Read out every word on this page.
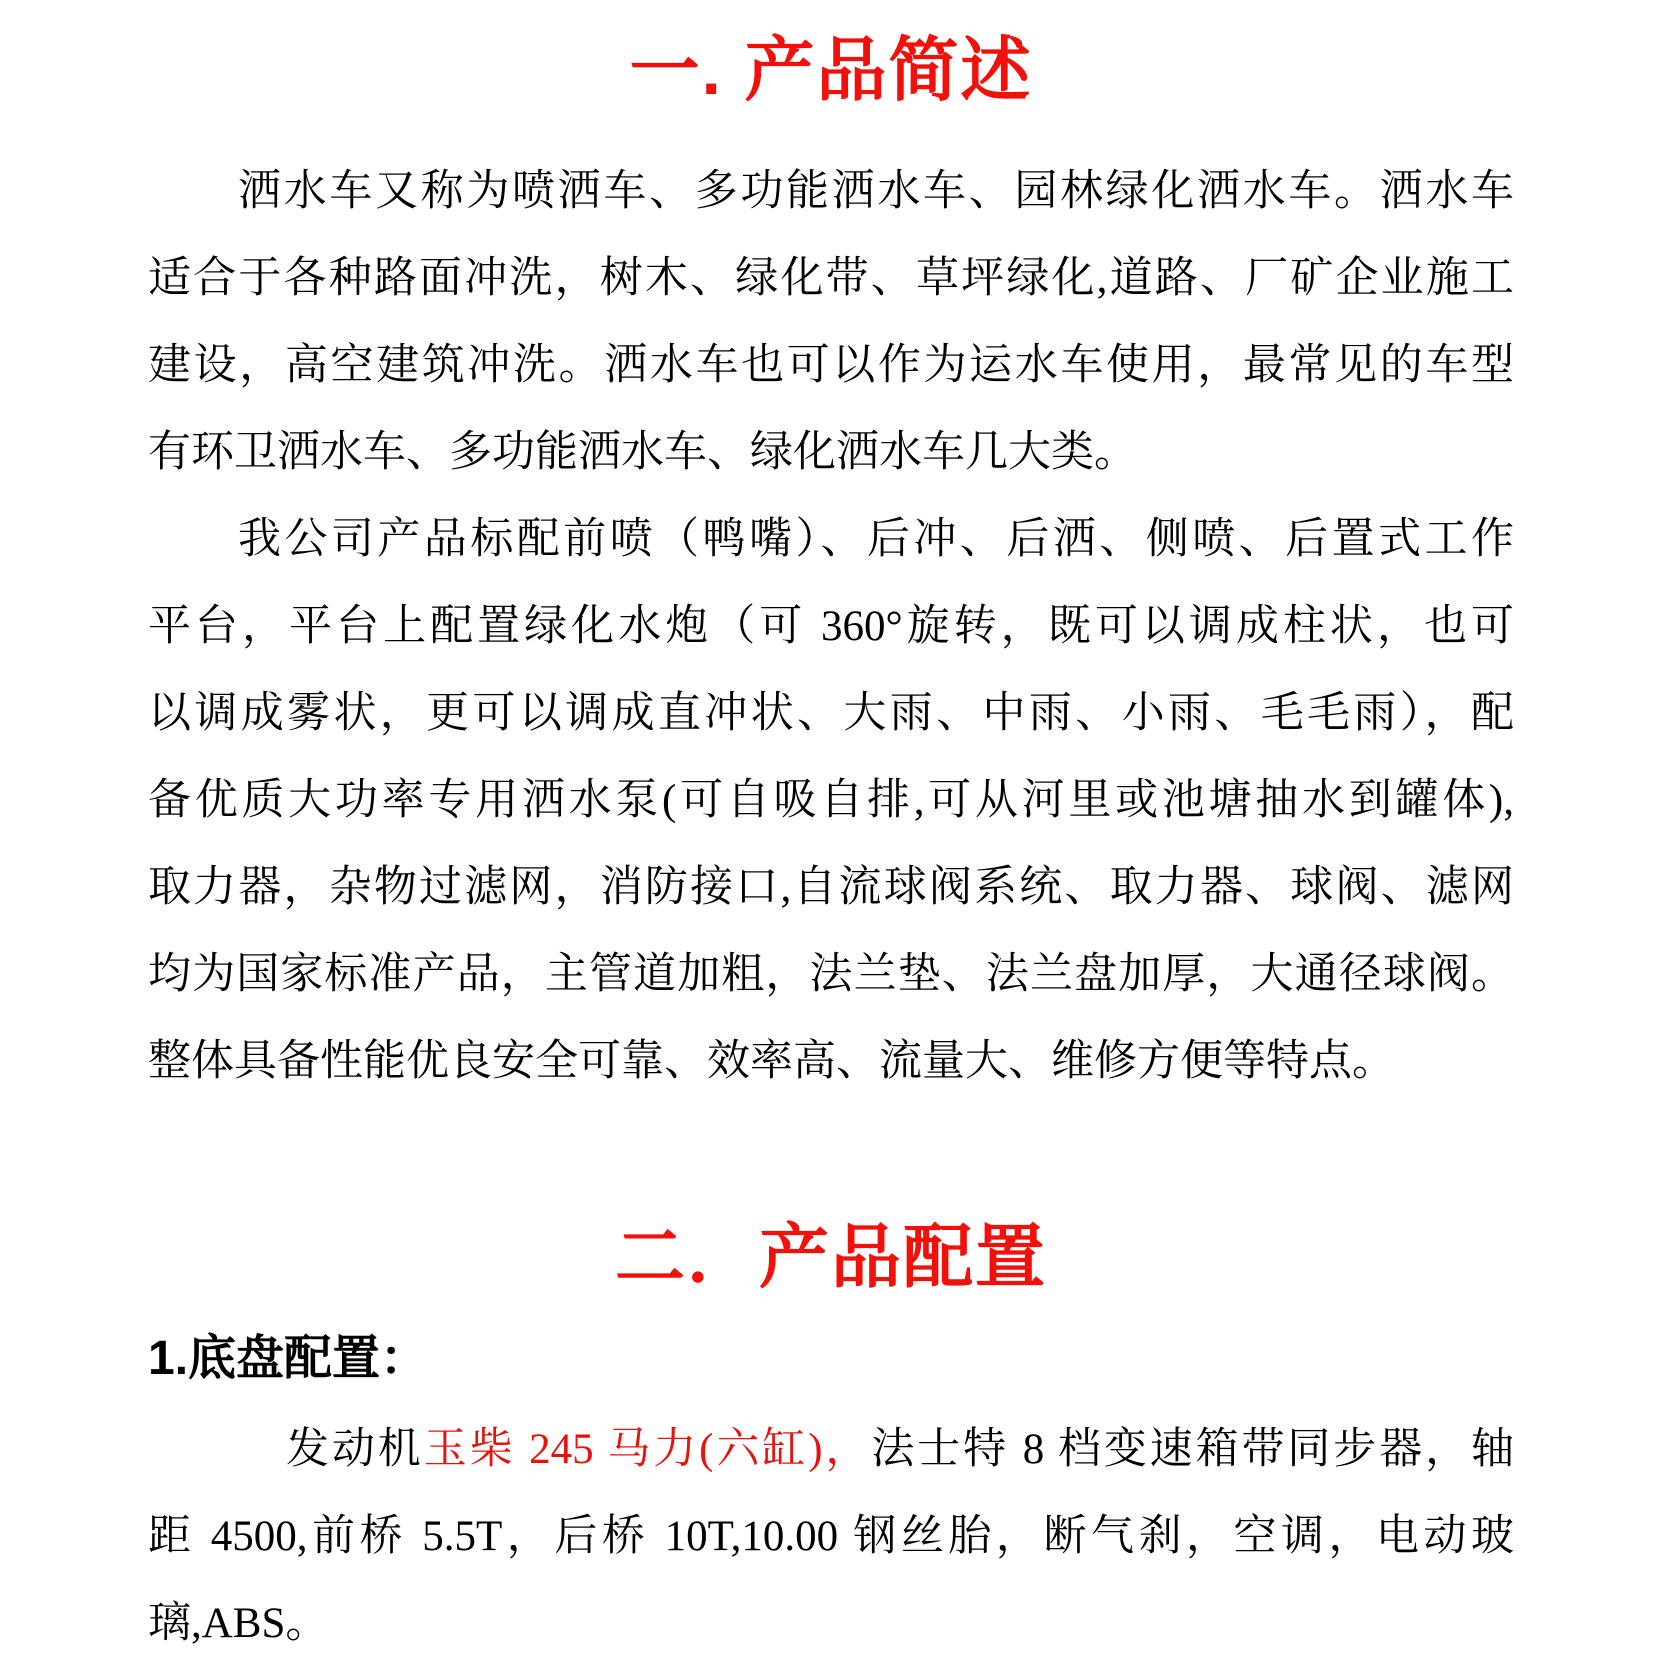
一. 产品简述
洒水车又称为喷洒车、多功能洒水车、园林绿化洒水车。洒水车
适合于各种路面冲洗，树木、绿化带、草坪绿化,道路、厂矿企业施工
建设，高空建筑冲洗。洒水车也可以作为运水车使用，最常见的车型
有环卫洒水车、多功能洒水车、绿化洒水车几大类。
我公司产品标配前喷（鸭嘴）、后冲、后洒、侧喷、后置式工作
平台，平台上配置绿化水炮（可 360°旋转，既可以调成柱状，也可
以调成雾状，更可以调成直冲状、大雨、中雨、小雨、毛毛雨），配
备优质大功率专用洒水泵(可自吸自排,可从河里或池塘抽水到罐体),
取力器，杂物过滤网，消防接口,自流球阀系统、取力器、球阀、滤网
均为国家标准产品，主管道加粗，法兰垫、法兰盘加厚，大通径球阀。
整体具备性能优良安全可靠、效率高、流量大、维修方便等特点。
二．产品配置
1.底盘配置：
发动机玉柴 245 马力(六缸)，法士特 8 档变速箱带同步器，轴
距 4500,前桥 5.5T，后桥 10T,10.00 钢丝胎，断气刹，空调，电动玻
璃,ABS。
